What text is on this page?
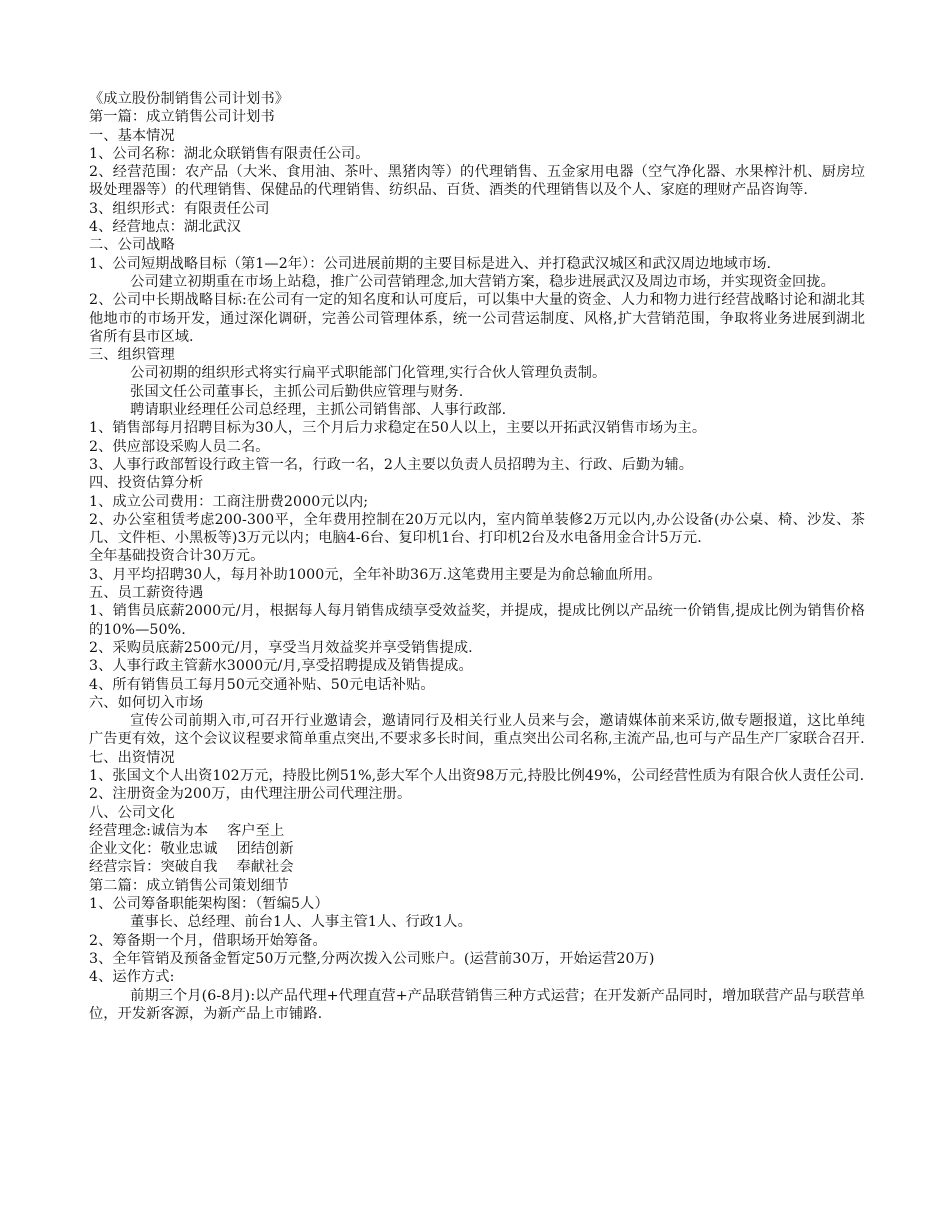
《成立股份制销售公司计划书》

第一篇：成立销售公司计划书

一、基本情况

1、公司名称：湖北众联销售有限责任公司。

2、经营范围：农产品（大米、食用油、茶叶、黑猪肉等）的代理销售、五金家用电器（空气净化器、水果榨汁机、厨房垃圾处理器等）的代理销售、保健品的代理销售、纺织品、百货、酒类的代理销售以及个人、家庭的理财产品咨询等.

3、组织形式：有限责任公司

4、经营地点：湖北武汉

二、公司战略

1、公司短期战略目标（第1—2年）：公司进展前期的主要目标是进入、并打稳武汉城区和武汉周边地域市场.

公司建立初期重在市场上站稳，推广公司营销理念,加大营销方案，稳步进展武汉及周边市场，并实现资金回拢。

2、公司中长期战略目标:在公司有一定的知名度和认可度后，可以集中大量的资金、人力和物力进行经营战略讨论和湖北其他地市的市场开发，通过深化调研，完善公司管理体系，统一公司营运制度、风格,扩大营销范围，争取将业务进展到湖北省所有县市区域.

三、组织管理

公司初期的组织形式将实行扁平式职能部门化管理,实行合伙人管理负责制。

张国文任公司董事长，主抓公司后勤供应管理与财务.

聘请职业经理任公司总经理，主抓公司销售部、人事行政部.

1、销售部每月招聘目标为30人，三个月后力求稳定在50人以上，主要以开拓武汉销售市场为主。

2、供应部设采购人员二名。

3、人事行政部暂设行政主管一名，行政一名，2人主要以负责人员招聘为主、行政、后勤为辅。

四、投资估算分析

1、成立公司费用：工商注册费2000元以内;

2、办公室租赁考虑200-300平，全年费用控制在20万元以内，室内简单装修2万元以内,办公设备(办公桌、椅、沙发、茶几、文件柜、小黑板等)3万元以内；电脑4-6台、复印机1台、打印机2台及水电备用金合计5万元.

全年基础投资合计30万元。

3、月平均招聘30人，每月补助1000元，全年补助36万.这笔费用主要是为俞总输血所用。

五、员工薪资待遇

1、销售员底薪2000元/月，根据每人每月销售成绩享受效益奖，并提成，提成比例以产品统一价销售,提成比例为销售价格的10%—50%.

2、采购员底薪2500元/月，享受当月效益奖并享受销售提成.

3、人事行政主管薪水3000元/月,享受招聘提成及销售提成。

4、所有销售员工每月50元交通补贴、50元电话补贴。

六、如何切入市场

宣传公司前期入市,可召开行业邀请会，邀请同行及相关行业人员来与会，邀请媒体前来采访,做专题报道，这比单纯广告更有效，这个会议议程要求简单重点突出,不要求多长时间，重点突出公司名称,主流产品,也可与产品生产厂家联合召开.

七、出资情况

1、张国文个人出资102万元，持股比例51%,彭大军个人出资98万元,持股比例49%，公司经营性质为有限合伙人责任公司.

2、注册资金为200万，由代理注册公司代理注册。

八、公司文化

经营理念:诚信为本　 客户至上

企业文化：敬业忠诚　 团结创新

经营宗旨：突破自我　 奉献社会

第二篇：成立销售公司策划细节

1、公司筹备职能架构图：（暂编5人）

董事长、总经理、前台1人、人事主管1人、行政1人。

2、筹备期一个月，借职场开始筹备。

3、全年管销及预备金暂定50万元整,分两次拨入公司账户。(运营前30万，开始运营20万)

4、运作方式:

前期三个月(6-8月):以产品代理+代理直营+产品联营销售三种方式运营；在开发新产品同时，增加联营产品与联营单位，开发新客源，为新产品上市铺路.
